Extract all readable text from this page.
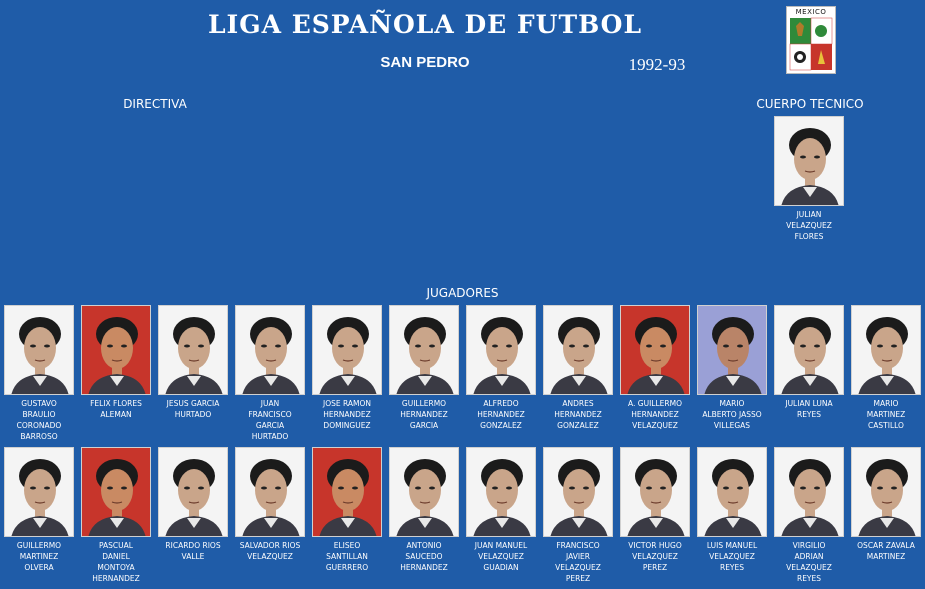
LIGA ESPAÑOLA DE FUTBOL
SAN PEDRO	1992-93
MEXICO
DIRECTIVA	CUERPO TECNICO
JUGADORES
JULIAN
VELAZQUEZ
FLORES
GUSTAVO
BRAULIO
CORONADO
BARROSO
FELIX FLORES
ALEMAN
JESUS GARCIA
HURTADO
JUAN
FRANCISCO
GARCIA
HURTADO
JOSE RAMON
HERNANDEZ
DOMINGUEZ
GUILLERMO
HERNANDEZ
GARCIA
ALFREDO
HERNANDEZ
GONZALEZ
ANDRES
HERNANDEZ
GONZALEZ
A. GUILLERMO
HERNANDEZ
VELAZQUEZ
MARIO
ALBERTO JASSO
VILLEGAS
JULIAN LUNA
REYES
MARIO
MARTINEZ
CASTILLO
GUILLERMO
MARTINEZ
OLVERA
PASCUAL
DANIEL
MONTOYA
HERNANDEZ
RICARDO RIOS
VALLE
SALVADOR RIOS
VELAZQUEZ
ELISEO
SANTILLAN
GUERRERO
ANTONIO
SAUCEDO
HERNANDEZ
JUAN MANUEL
VELAZQUEZ
GUADIAN
FRANCISCO
JAVIER
VELAZQUEZ
PEREZ
VICTOR HUGO
VELAZQUEZ
PEREZ
LUIS MANUEL
VELAZQUEZ
REYES
VIRGILIO
ADRIAN
VELAZQUEZ
REYES
OSCAR ZAVALA
MARTINEZ
